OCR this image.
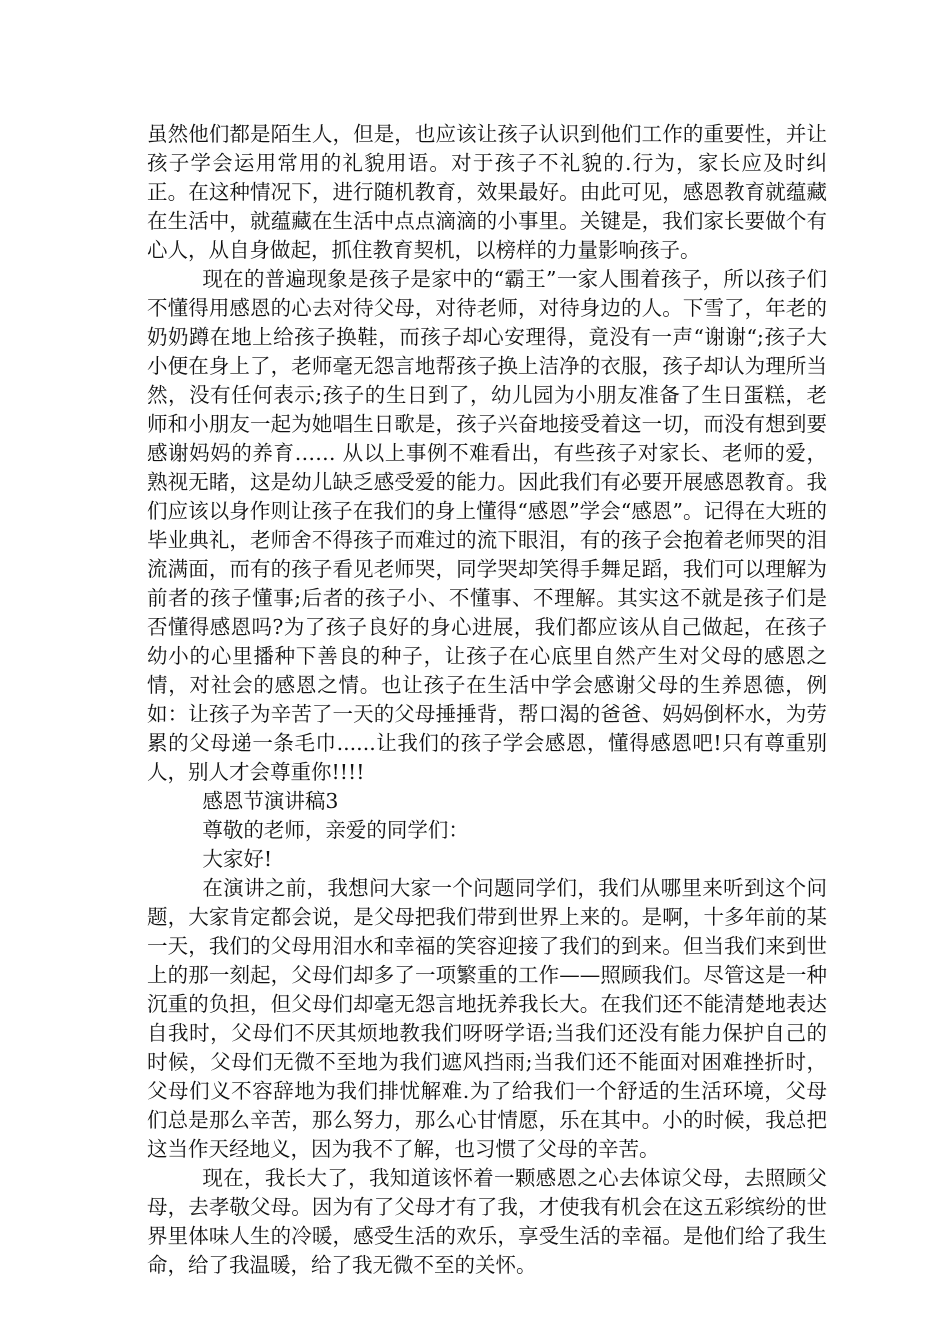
虽然他们都是陌生人，但是，也应该让孩子认识到他们工作的重要性，并让孩子学会运用常用的礼貌用语。对于孩子不礼貌的.行为，家长应及时纠正。在这种情况下，进行随机教育，效果最好。由此可见，感恩教育就蕴藏在生活中，就蕴藏在生活中点点滴滴的小事里。关键是，我们家长要做个有心人，从自身做起，抓住教育契机，以榜样的力量影响孩子。

现在的普遍现象是孩子是家中的“霸王”一家人围着孩子，所以孩子们不懂得用感恩的心去对待父母，对待老师，对待身边的人。下雪了，年老的奶奶蹲在地上给孩子换鞋，而孩子却心安理得，竟没有一声“谢谢“;孩子大小便在身上了，老师毫无怨言地帮孩子换上洁净的衣服，孩子却认为理所当然，没有任何表示;孩子的生日到了，幼儿园为小朋友准备了生日蛋糕，老师和小朋友一起为她唱生日歌是，孩子兴奋地接受着这一切，而没有想到要感谢妈妈的养育…… 从以上事例不难看出，有些孩子对家长、老师的爱，熟视无睹，这是幼儿缺乏感受爱的能力。因此我们有必要开展感恩教育。我们应该以身作则让孩子在我们的身上懂得“感恩”学会“感恩”。记得在大班的毕业典礼，老师舍不得孩子而难过的流下眼泪，有的孩子会抱着老师哭的泪流满面，而有的孩子看见老师哭，同学哭却笑得手舞足蹈，我们可以理解为前者的孩子懂事;后者的孩子小、不懂事、不理解。其实这不就是孩子们是否懂得感恩吗?为了孩子良好的身心进展，我们都应该从自己做起，在孩子幼小的心里播种下善良的种子，让孩子在心底里自然产生对父母的感恩之情，对社会的感恩之情。也让孩子在生活中学会感谢父母的生养恩德，例如：让孩子为辛苦了一天的父母捶捶背，帮口渴的爸爸、妈妈倒杯水，为劳累的父母递一条毛巾......让我们的孩子学会感恩，懂得感恩吧!只有尊重别人，别人才会尊重你!!!!

感恩节演讲稿3

尊敬的老师，亲爱的同学们：

大家好!

在演讲之前，我想问大家一个问题同学们，我们从哪里来听到这个问题，大家肯定都会说，是父母把我们带到世界上来的。是啊，十多年前的某一天，我们的父母用泪水和幸福的笑容迎接了我们的到来。但当我们来到世上的那一刻起，父母们却多了一项繁重的工作——照顾我们。尽管这是一种沉重的负担，但父母们却毫无怨言地抚养我长大。在我们还不能清楚地表达自我时，父母们不厌其烦地教我们呀呀学语;当我们还没有能力保护自己的时候，父母们无微不至地为我们遮风挡雨;当我们还不能面对困难挫折时，父母们义不容辞地为我们排忧解难.为了给我们一个舒适的生活环境，父母们总是那么辛苦，那么努力，那么心甘情愿，乐在其中。小的时候，我总把这当作天经地义，因为我不了解，也习惯了父母的辛苦。

现在，我长大了，我知道该怀着一颗感恩之心去体谅父母，去照顾父母，去孝敬父母。因为有了父母才有了我，才使我有机会在这五彩缤纷的世界里体味人生的冷暖，感受生活的欢乐，享受生活的幸福。是他们给了我生命，给了我温暖，给了我无微不至的关怀。
